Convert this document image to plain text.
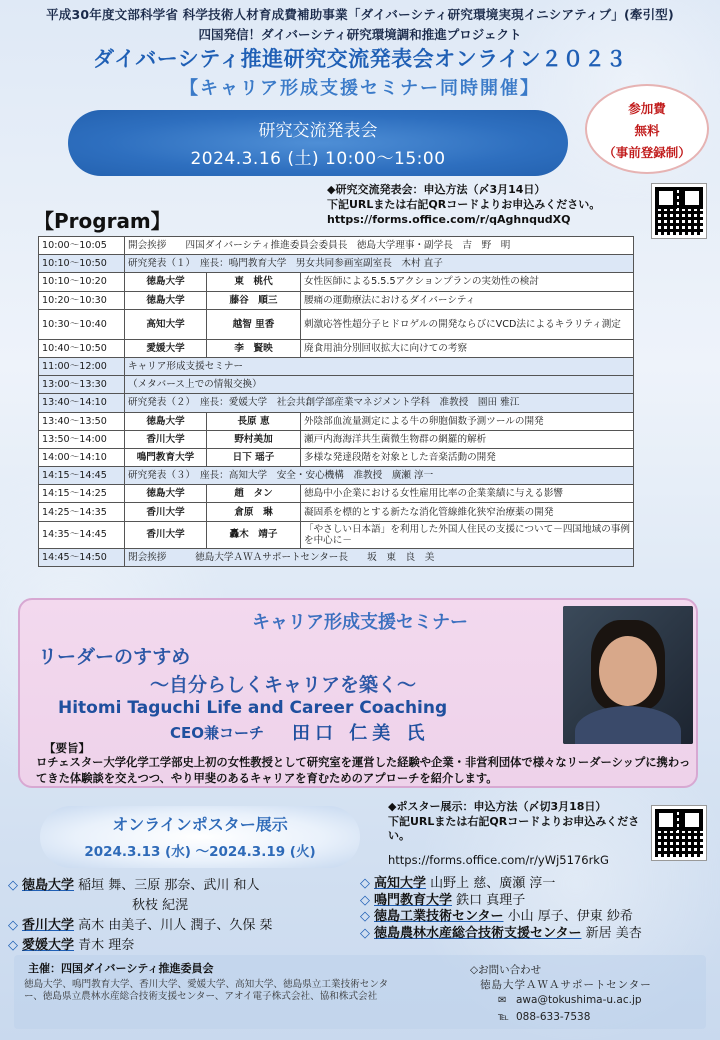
平成30年度文部科学省 科学技術人材育成費補助事業「ダイバーシティ研究環境実現イニシアティブ」(牽引型)
四国発信！ダイバーシティ研究環境調和推進プロジェクト
ダイバーシティ推進研究交流発表会オンライン２０２３
【キャリア形成支援セミナー同時開催】
参加費
無料
（事前登録制）
研究交流発表会
2024.3.16 (土) 10:00～15:00
◆研究交流発表会：申込方法（〆3月14日）
下記URLまたは右記QRコードよりお申込みください。
https://forms.office.com/r/qAghnqudXQ
【Program】
10:00～10:05	開会挨拶　　四国ダイバーシティ推進委員会委員長　徳島大学理事・副学長　吉　野　明		
10:10～10:50	研究発表（１）　座長：鳴門教育大学　男女共同参画室副室長　木村 直子		
10:10～10:20	徳島大学	東　桃代	女性医師による5.5.5アクションプランの実効性の検討
10:20～10:30	徳島大学	藤谷　順三	腰痛の運動療法におけるダイバーシティ
10:30～10:40	高知大学	越智 里香	刺激応答性超分子ヒドロゲルの開発ならびにVCD法によるキラリティ測定
10:40～10:50	愛媛大学	李　賢映	廃食用油分別回収拡大に向けての考察
11:00～12:00	キャリア形成支援セミナー		
13:00～13:30	（メタバース上での情報交換）		
13:40～14:10	研究発表（２）　座長：愛媛大学　社会共創学部産業マネジメント学科　准教授　園田 雅江		
13:40～13:50	徳島大学	長原 恵	外陰部血流量測定による牛の卵胞個数予測ツールの開発
13:50～14:00	香川大学	野村美加	瀬戸内海海洋共生菌微生物群の網羅的解析
14:00～14:10	鳴門教育大学	日下 瑶子	多様な発達段階を対象とした音楽活動の開発
14:15～14:45	研究発表（３）　座長：高知大学　安全・安心機構　准教授　廣瀬 淳一		
14:15～14:25	徳島大学	趙　タン	徳島中小企業における女性雇用比率の企業業績に与える影響
14:25～14:35	香川大学	倉原　琳	凝固系を標的とする新たな消化管線維化狭窄治療薬の開発
14:35～14:45	香川大学	轟木　靖子	「やさしい日本語」を利用した外国人住民の支援について－四国地域の事例を中心に－
14:45～14:50	閉会挨拶　　　徳島大学ＡＷＡサポートセンター長　　坂　東　良　美		
キャリア形成支援セミナー
リーダーのすすめ
～自分らしくキャリアを築く～
Hitomi Taguchi Life and Career Coaching
CEO兼コーチ 田口 仁美 氏
【要旨】
ロチェスター大学化学工学部史上初の女性教授として研究室を運営した経験や企業・非営利団体で様々なリーダーシップに携わってきた体験談を交えつつ、やり甲斐のあるキャリアを育むためのアプローチを紹介します。
オンラインポスター展示
2024.3.13 (水) ～2024.3.19 (火)
◆ポスター展示：申込方法（〆切3月18日）
下記URLまたは右記QRコードよりお申込みください。
https://forms.office.com/r/yWj5176rkG
◇ 徳島大学 稲垣 舞、三原 那奈、武川 和人
秋枝 紀滉
◇ 香川大学 高木 由美子、川人 潤子、久保 栞
◇ 愛媛大学 青木 理奈
◇ 高知大学 山野上 慈、廣瀬 淳一
◇ 鳴門教育大学 鉄口 真理子
◇ 徳島工業技術センター 小山 厚子、伊東 紗希
◇ 徳島農林水産総合技術支援センター 新居 美杏
主催：四国ダイバーシティ推進委員会
徳島大学、鳴門教育大学、香川大学、愛媛大学、高知大学、徳島県立工業技術センター、徳島県立農林水産総合技術支援センター、アオイ電子株式会社、協和株式会社
◇お問い合わせ
徳島大学ＡＷＡサポートセンター
✉ awa@tokushima-u.ac.jp
℡ 088-633-7538
